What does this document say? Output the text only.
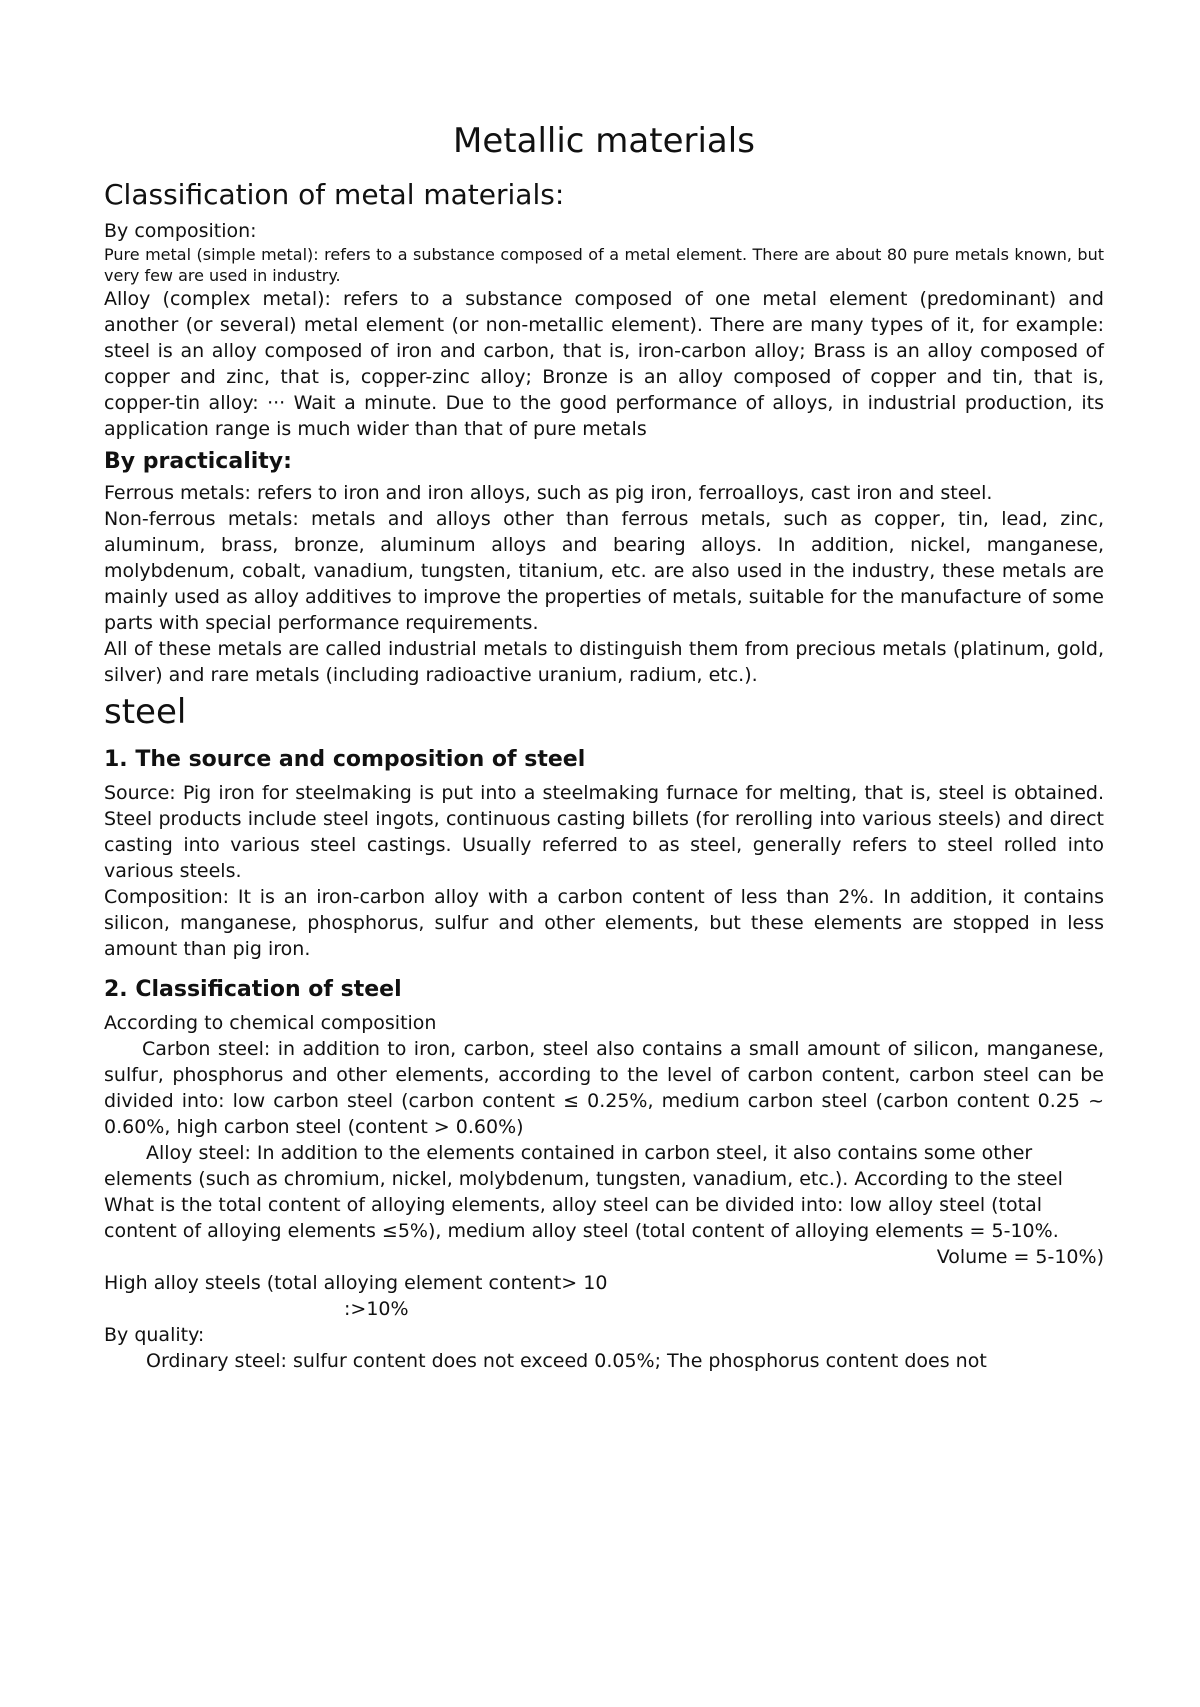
Metallic materials
Classification of metal materials:

By composition:

Pure metal (simple metal): refers to a substance composed of a metal element. There are about 80 pure metals known, but very few are used in industry.

Alloy (complex metal): refers to a substance composed of one metal element (predominant) and another (or several) metal element (or non-metallic element). There are many types of it, for example: steel is an alloy composed of iron and carbon, that is, iron-carbon alloy; Brass is an alloy composed of copper and zinc, that is, copper-zinc alloy; Bronze is an alloy composed of copper and tin, that is, copper-tin alloy: ··· Wait a minute. Due to the good performance of alloys, in industrial production, its application range is much wider than that of pure metals

By practicality:

Ferrous metals: refers to iron and iron alloys, such as pig iron, ferroalloys, cast iron and steel.

Non-ferrous metals: metals and alloys other than ferrous metals, such as copper, tin, lead, zinc, aluminum, brass, bronze, aluminum alloys and bearing alloys. In addition, nickel, manganese, molybdenum, cobalt, vanadium, tungsten, titanium, etc. are also used in the industry, these metals are mainly used as alloy additives to improve the properties of metals, suitable for the manufacture of some parts with special performance requirements.

All of these metals are called industrial metals to distinguish them from precious metals (platinum, gold, silver) and rare metals (including radioactive uranium, radium, etc.).

steel
1. The source and composition of steel

Source: Pig iron for steelmaking is put into a steelmaking furnace for melting, that is, steel is obtained. Steel products include steel ingots, continuous casting billets (for rerolling into various steels) and direct casting into various steel castings. Usually referred to as steel, generally refers to steel rolled into various steels.

Composition: It is an iron-carbon alloy with a carbon content of less than 2%. In addition, it contains silicon, manganese, phosphorus, sulfur and other elements, but these elements are stopped in less amount than pig iron.

2. Classification of steel

According to chemical composition

Carbon steel: in addition to iron, carbon, steel also contains a small amount of silicon, manganese, sulfur, phosphorus and other elements, according to the level of carbon content, carbon steel can be divided into: low carbon steel (carbon content ≤ 0.25%, medium carbon steel (carbon content 0.25 ~ 0.60%, high carbon steel (content > 0.60%)

Alloy steel: In addition to the elements contained in carbon steel, it also contains some other elements (such as chromium, nickel, molybdenum, tungsten, vanadium, etc.). According to the steel

What is the total content of alloying elements, alloy steel can be divided into: low alloy steel (total content of alloying elements ≤5%), medium alloy steel (total content of alloying elements = 5-10%.

Volume = 5-10%)

High alloy steels (total alloying element content> 10

:>10%

By quality:

Ordinary steel: sulfur content does not exceed 0.05%; The phosphorus content does not
